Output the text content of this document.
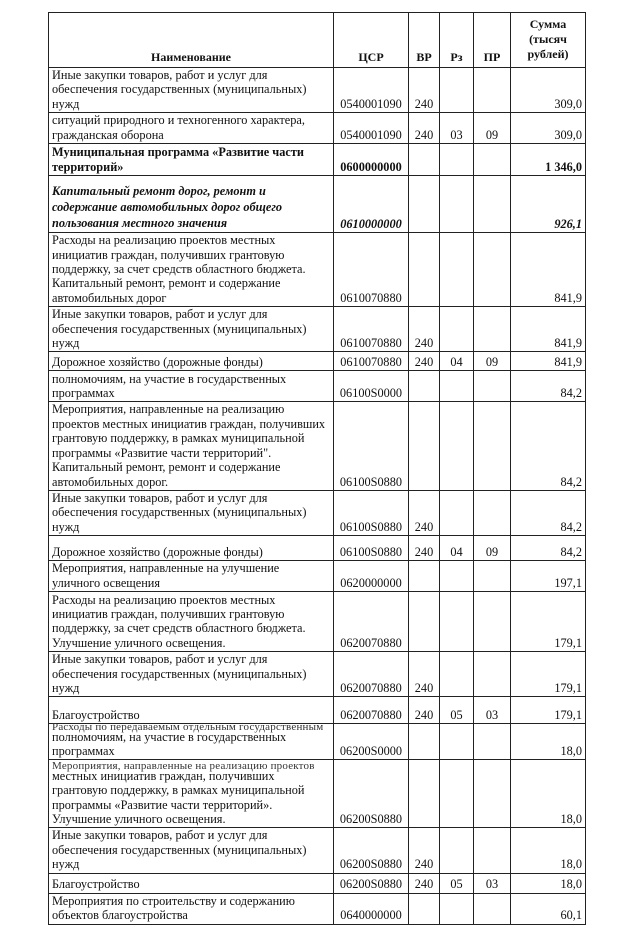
Наименование	ЦСР	ВР	Рз	ПР	Сумма (тысяч рублей)
Иные закупки товаров, работ и услуг для обеспечения государственных (муниципальных) нужд	0540001090	240			309,0
ситуаций природного и техногенного характера, гражданская оборона	0540001090	240	03	09	309,0
Муниципальная программа «Развитие части территорий»	0600000000				1 346,0
Капитальный ремонт дорог, ремонт и содержание автомобильных дорог общего пользования местного значения	0610000000				926,1
Расходы на реализацию проектов местных инициатив граждан, получивших грантовую поддержку, за счет средств областного бюджета. Капитальный ремонт, ремонт и содержание автомобильных дорог	0610070880				841,9
Иные закупки товаров, работ и услуг для обеспечения государственных (муниципальных) нужд	0610070880	240			841,9
Дорожное хозяйство (дорожные фонды)	0610070880	240	04	09	841,9
полномочиям, на участие в государственных программах	06100S0000				84,2
Мероприятия, направленные на реализацию проектов местных инициатив граждан, получивших грантовую поддержку, в рамках муниципальной программы «Развитие части территорий". Капитальный ремонт, ремонт и содержание автомобильных дорог.	06100S0880				84,2
Иные закупки товаров, работ и услуг для обеспечения государственных (муниципальных) нужд	06100S0880	240			84,2
Дорожное хозяйство (дорожные фонды)	06100S0880	240	04	09	84,2
Мероприятия, направленные на улучшение уличного освещения	0620000000				197,1
Расходы на реализацию проектов местных инициатив граждан, получивших грантовую поддержку, за счет средств областного бюджета. Улучшение уличного освещения.	0620070880				179,1
Иные закупки товаров, работ и услуг для обеспечения государственных (муниципальных) нужд	0620070880	240			179,1
Благоустройство	0620070880	240	05	03	179,1

Расходы по передаваемым отдельным государственным
полномочиям, на участие в государственных программах	06200S0000				18,0

Мероприятия, направленные на реализацию проектов
местных инициатив граждан, получивших грантовую поддержку, в рамках муниципальной программы «Развитие части территорий». Улучшение уличного освещения.	06200S0880				18,0
Иные закупки товаров, работ и услуг для обеспечения государственных (муниципальных) нужд	06200S0880	240			18,0
Благоустройство	06200S0880	240	05	03	18,0
Мероприятия по строительству и содержанию объектов благоустройства	0640000000				60,1
